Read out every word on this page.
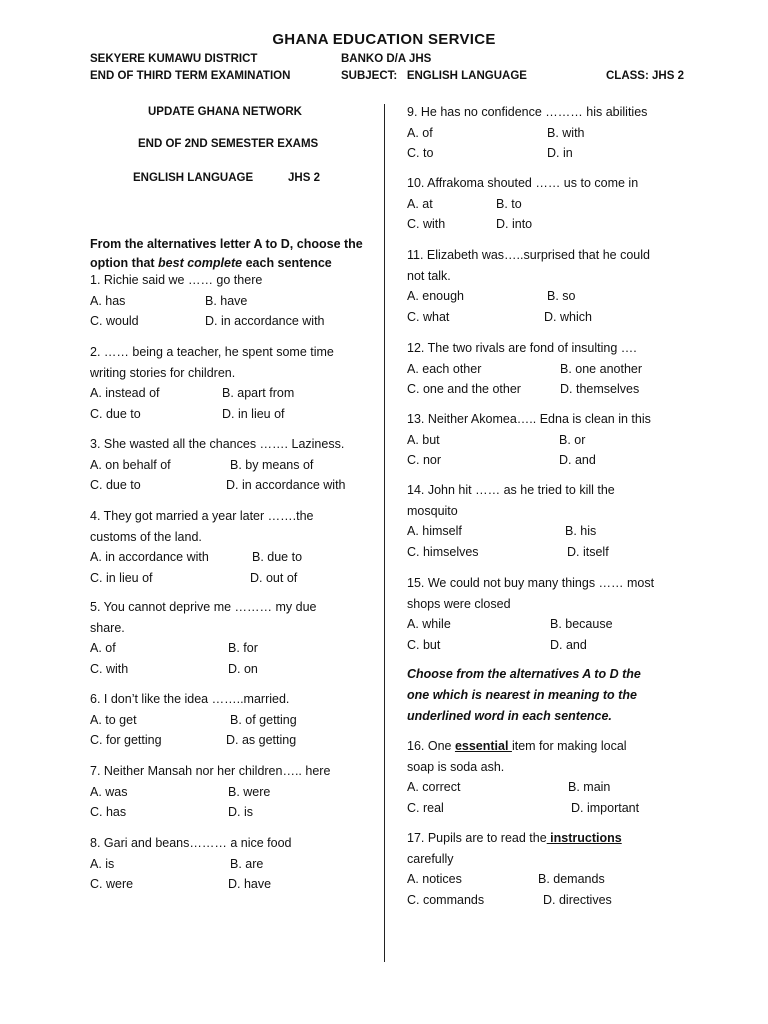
GHANA EDUCATION SERVICE
SEKYERE KUMAWU DISTRICT	BANKO D/A JHS
END OF THIRD TERM EXAMINATION	SUBJECT:   ENGLISH LANGUAGE	CLASS: JHS 2
UPDATE GHANA NETWORK
END OF 2ND SEMESTER EXAMS
ENGLISH LANGUAGE	JHS 2
From the alternatives letter A to D, choose the
option that best complete each sentence
1. Richie said we …… go there
A. has	B. have
C. would	D. in accordance with
2. …… being a teacher, he spent some time
writing stories for children.
A. instead of	B. apart from
C. due to	D. in lieu of
3. She wasted all the chances ……. Laziness.
A. on behalf of	B. by means of
C. due to	D. in accordance with
4. They got married a year later …….the
customs of the land.
A. in accordance with	B. due to
C. in lieu of	D. out of
5. You cannot deprive me ……… my due
share.
A. of	B. for
C. with	D. on
6. I don’t like the idea ……..married.
A. to get	B. of getting
C. for getting	D. as getting
7. Neither Mansah nor her children….. here
A. was	B. were
C. has	D. is
8. Gari and beans……… a nice food
A. is	B. are
C. were	D. have
9. He has no confidence ……… his abilities
A. of	B. with
C. to	D. in
10. Affrakoma shouted …… us to come in
A. at	B. to
C. with	D. into
11. Elizabeth was…..surprised that he could
not talk.
A. enough	B. so
C. what	D. which
12. The two rivals are fond of insulting ….
A. each other	B. one another
C. one and the other	D. themselves
13. Neither Akomea….. Edna is clean in this
A. but	B. or
C. nor	D. and
14. John hit …… as he tried to kill the
mosquito
A. himself	B. his
C. himselves	D. itself
15. We could not buy many things …… most
shops were closed
A. while	B. because
C. but	D. and
Choose from the alternatives A to D the
one which is nearest in meaning to the
underlined word in each sentence.
16. One essential item for making local
soap is soda ash.
A. correct	B. main
C. real	D. important
17. Pupils are to read the instructions
carefully
A. notices	B. demands
C. commands	D. directives
